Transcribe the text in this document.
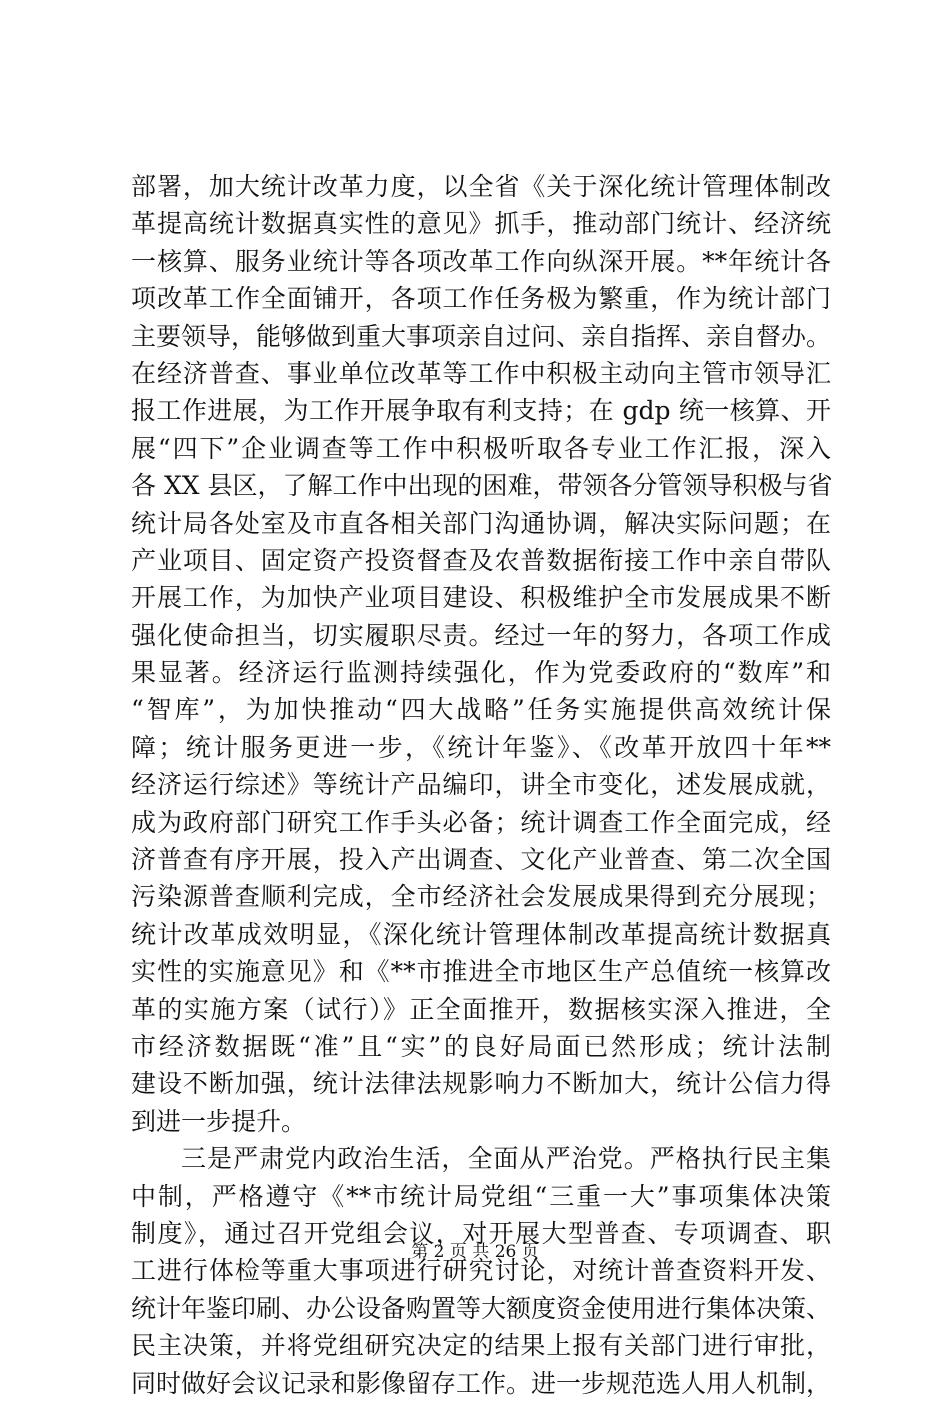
部署，加大统计改革力度，以全省《关于深化统计管理体制改
革提高统计数据真实性的意见》抓手，推动部门统计、经济统
一核算、服务业统计等各项改革工作向纵深开展。**年统计各
项改革工作全面铺开，各项工作任务极为繁重，作为统计部门
主要领导，能够做到重大事项亲自过问、亲自指挥、亲自督办。
在经济普查、事业单位改革等工作中积极主动向主管市领导汇
报工作进展，为工作开展争取有利支持；在 gdp 统一核算、开
展“四下”企业调查等工作中积极听取各专业工作汇报，深入
各 XX 县区，了解工作中出现的困难，带领各分管领导积极与省
统计局各处室及市直各相关部门沟通协调，解决实际问题；在
产业项目、固定资产投资督查及农普数据衔接工作中亲自带队
开展工作，为加快产业项目建设、积极维护全市发展成果不断
强化使命担当，切实履职尽责。经过一年的努力，各项工作成
果显著。经济运行监测持续强化，作为党委政府的“数库”和
“智库”，为加快推动“四大战略”任务实施提供高效统计保
障；统计服务更进一步，《统计年鉴》、《改革开放四十年**
经济运行综述》等统计产品编印，讲全市变化，述发展成就，
成为政府部门研究工作手头必备；统计调查工作全面完成，经
济普查有序开展，投入产出调查、文化产业普查、第二次全国
污染源普查顺利完成，全市经济社会发展成果得到充分展现；
统计改革成效明显，《深化统计管理体制改革提高统计数据真
实性的实施意见》和《**市推进全市地区生产总值统一核算改
革的实施方案（试行）》正全面推开，数据核实深入推进，全
市经济数据既“准”且“实”的良好局面已然形成；统计法制
建设不断加强，统计法律法规影响力不断加大，统计公信力得
到进一步提升。
三是严肃党内政治生活，全面从严治党。严格执行民主集
中制，严格遵守《**市统计局党组“三重一大”事项集体决策
制度》，通过召开党组会议，对开展大型普查、专项调查、职
工进行体检等重大事项进行研究讨论，对统计普查资料开发、
统计年鉴印刷、办公设备购置等大额度资金使用进行集体决策、
民主决策，并将党组研究决定的结果上报有关部门进行审批，
同时做好会议记录和影像留存工作。进一步规范选人用人机制，
第 2 页 共 26 页
